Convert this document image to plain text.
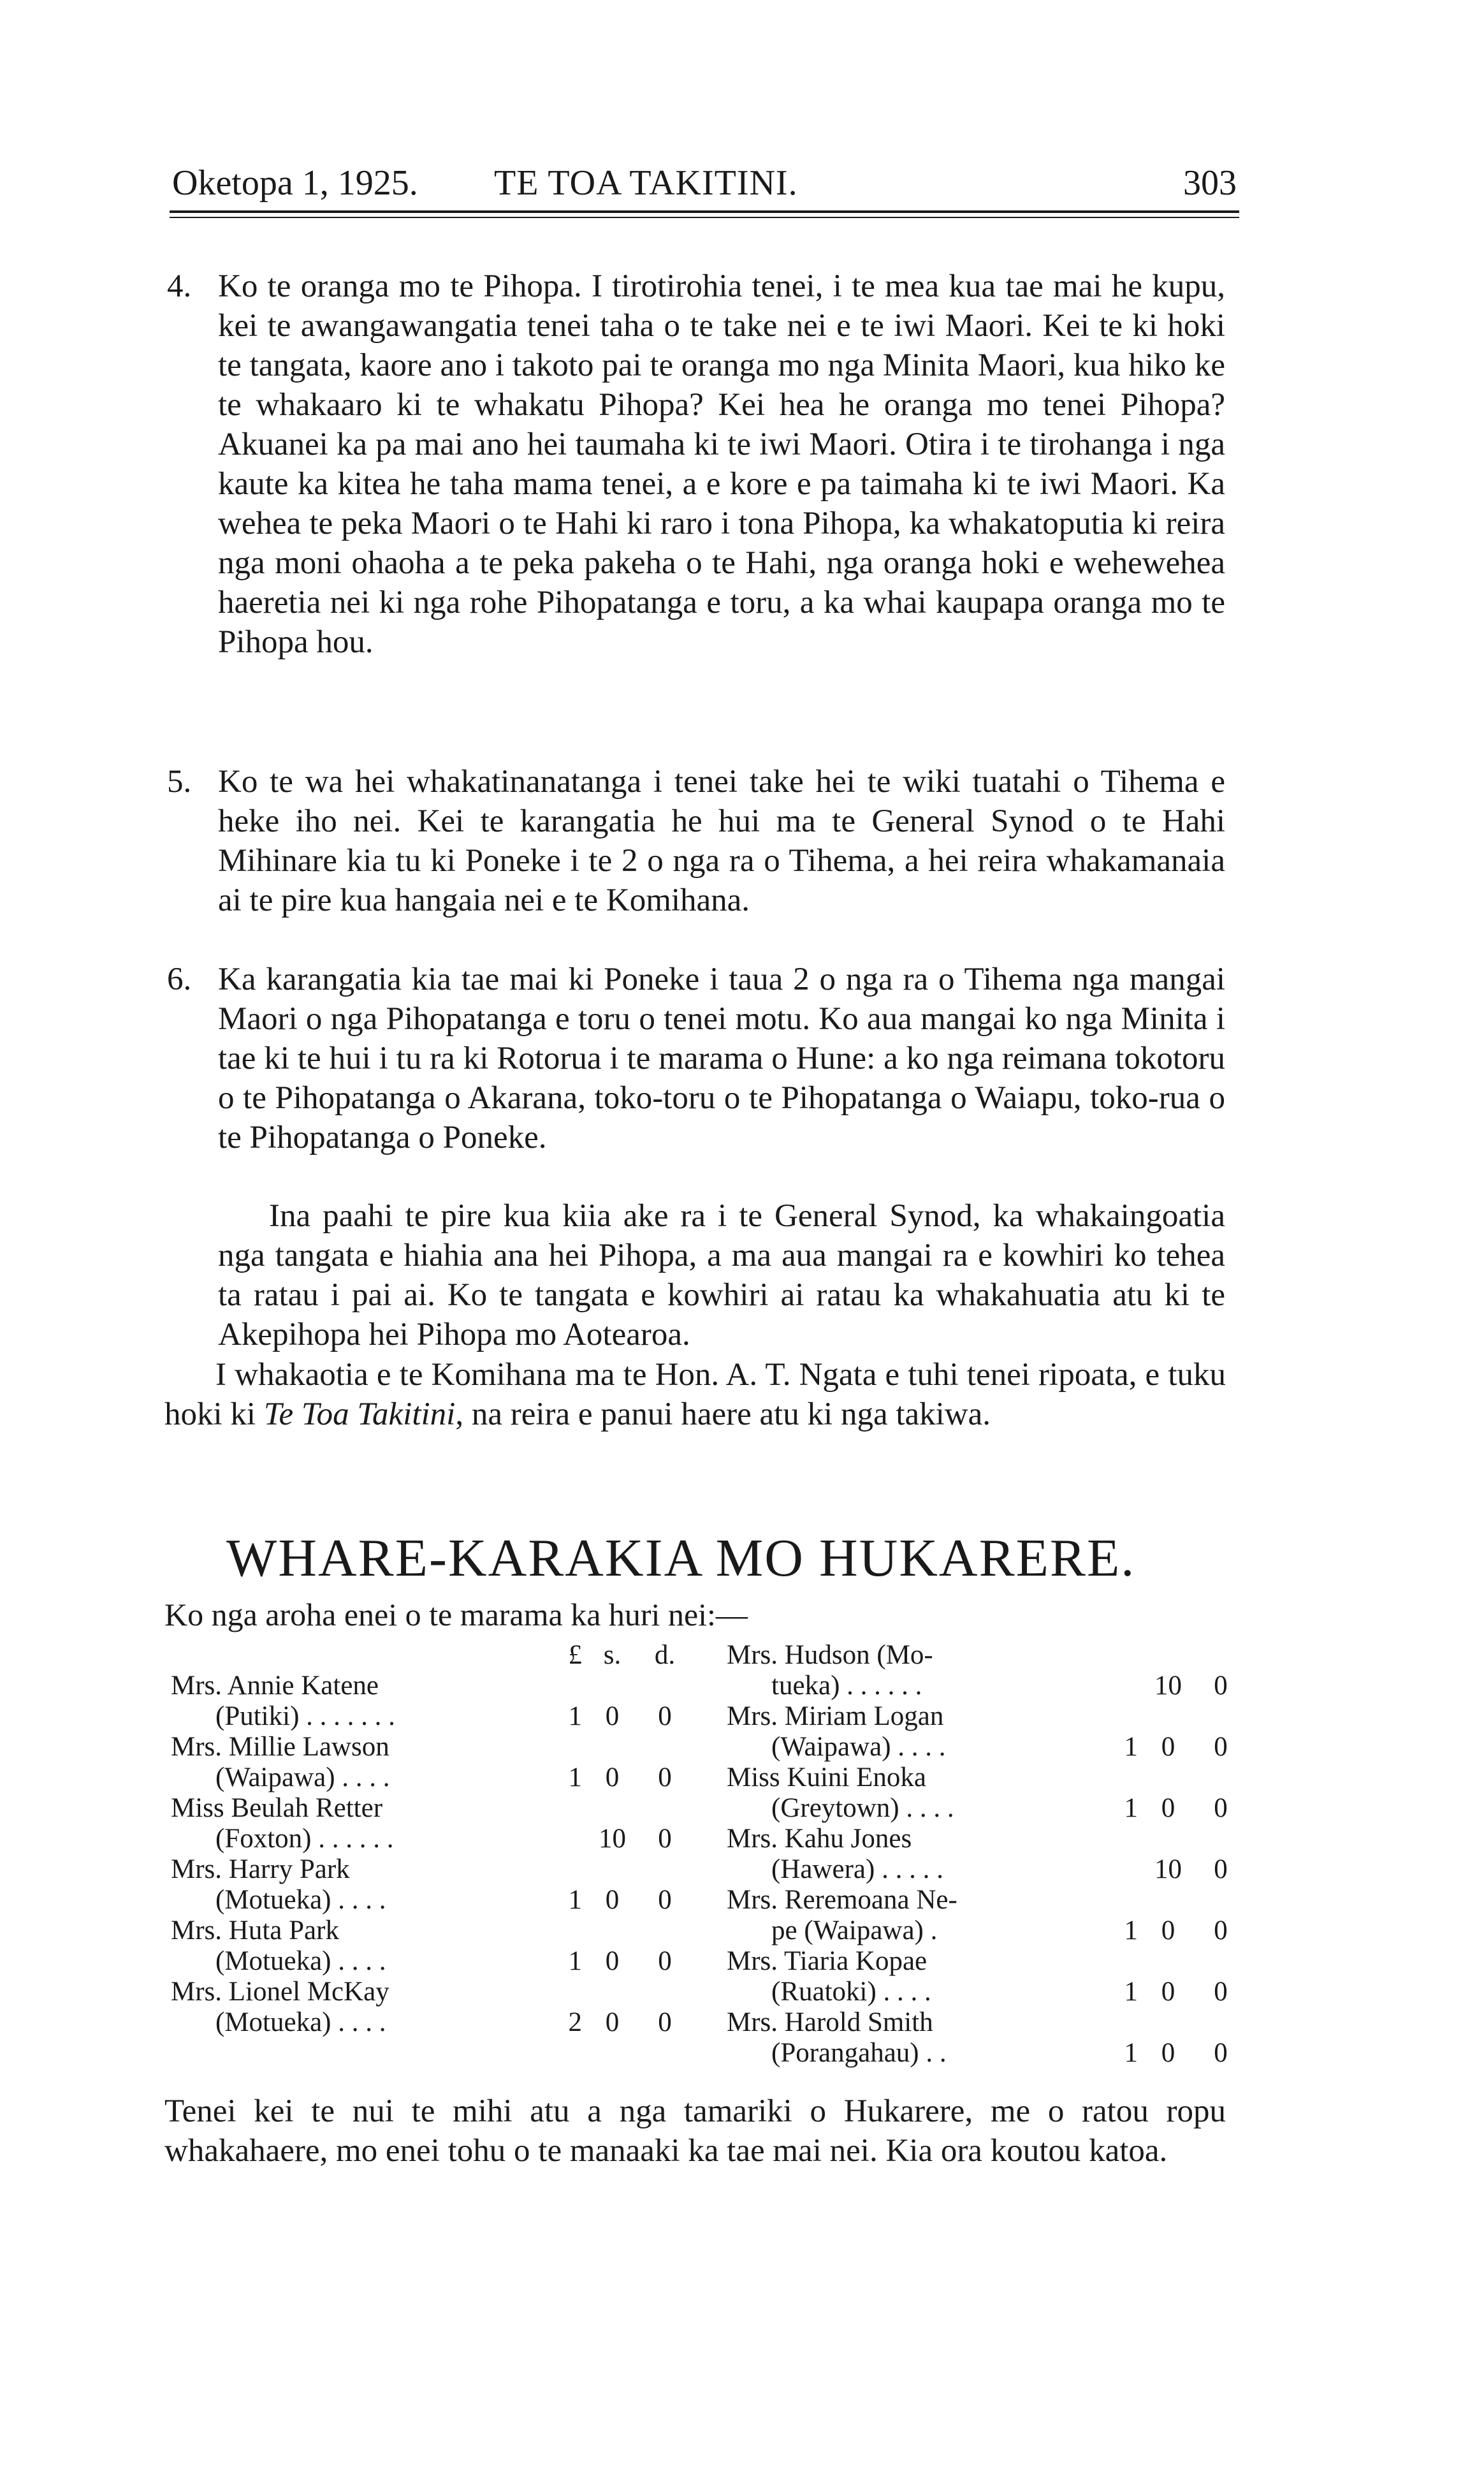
Oketopa 1, 1925. TE TOA TAKITINI.	303
4. Ko te oranga mo te Pihopa. I tirotirohia tenei, i te mea kua tae mai he kupu, kei te awangawangatia tenei taha o te take nei e te iwi Maori. Kei te ki hoki te tangata, kaore ano i takoto pai te oranga mo nga Minita Maori, kua hiko ke te whakaaro ki te whakatu Pihopa? Kei hea he oranga mo tenei Pihopa? Akuanei ka pa mai ano hei taumaha ki te iwi Maori. Otira i te tirohanga i nga kaute ka kitea he taha mama tenei, a e kore e pa taimaha ki te iwi Maori. Ka wehea te peka Maori o te Hahi ki raro i tona Pihopa, ka whakatoputia ki reira nga moni ohaoha a te peka pakeha o te Hahi, nga oranga hoki e wehewehea haeretia nei ki nga rohe Pihopatanga e toru, a ka whai kaupapa oranga mo te Pihopa hou.
5. Ko te wa hei whakatinanatanga i tenei take hei te wiki tuatahi o Tihema e heke iho nei. Kei te karangatia he hui ma te General Synod o te Hahi Mihinare kia tu ki Poneke i te 2 o nga ra o Tihema, a hei reira whakamanaia ai te pire kua hangaia nei e te Komihana.
6. Ka karangatia kia tae mai ki Poneke i taua 2 o nga ra o Tihema nga mangai Maori o nga Pihopatanga e toru o tenei motu. Ko aua mangai ko nga Minita i tae ki te hui i tu ra ki Rotorua i te marama o Hune: a ko nga reimana tokotoru o te Pihopatanga o Akarana, toko-toru o te Pihopatanga o Waiapu, toko-rua o te Pihopatanga o Poneke.
Ina paahi te pire kua kiia ake ra i te General Synod, ka whakaingoatia nga tangata e hiahia ana hei Pihopa, a ma aua mangai ra e kowhiri ko tehea ta ratau i pai ai. Ko te tangata e kowhiri ai ratau ka whakahuatia atu ki te Akepihopa hei Pihopa mo Aotearoa.
I whakaotia e te Komihana ma te Hon. A. T. Ngata e tuhi tenei ripoata, e tuku hoki ki Te Toa Takitini, na reira e panui haere atu ki nga takiwa.
WHARE-KARAKIA MO HUKARERE.
Ko nga aroha enei o te marama ka huri nei:—
	£	s.	d.
Mrs. Annie Katene			
(Putiki) . . . . . . .	1	0	0
Mrs. Millie Lawson			
(Waipawa) . . . .	1	0	0
Miss Beulah Retter			
(Foxton) . . . . . .		10	0
Mrs. Harry Park			
(Motueka) . . . .	1	0	0
Mrs. Huta Park			
(Motueka) . . . .	1	0	0
Mrs. Lionel McKay			
(Motueka) . . . .	2	0	0
Mrs. Hudson (Mo-			
tueka) . . . . . .		10	0
Mrs. Miriam Logan			
(Waipawa) . . . .	1	0	0
Miss Kuini Enoka			
(Greytown) . . . .	1	0	0
Mrs. Kahu Jones			
(Hawera) . . . . .		10	0
Mrs. Reremoana Ne-			
pe (Waipawa) .	1	0	0
Mrs. Tiaria Kopae			
(Ruatoki) . . . .	1	0	0
Mrs. Harold Smith			
(Porangahau) . .	1	0	0
Tenei kei te nui te mihi atu a nga tamariki o Hukarere, me o ratou ropu whakahaere, mo enei tohu o te manaaki ka tae mai nei. Kia ora koutou katoa.
